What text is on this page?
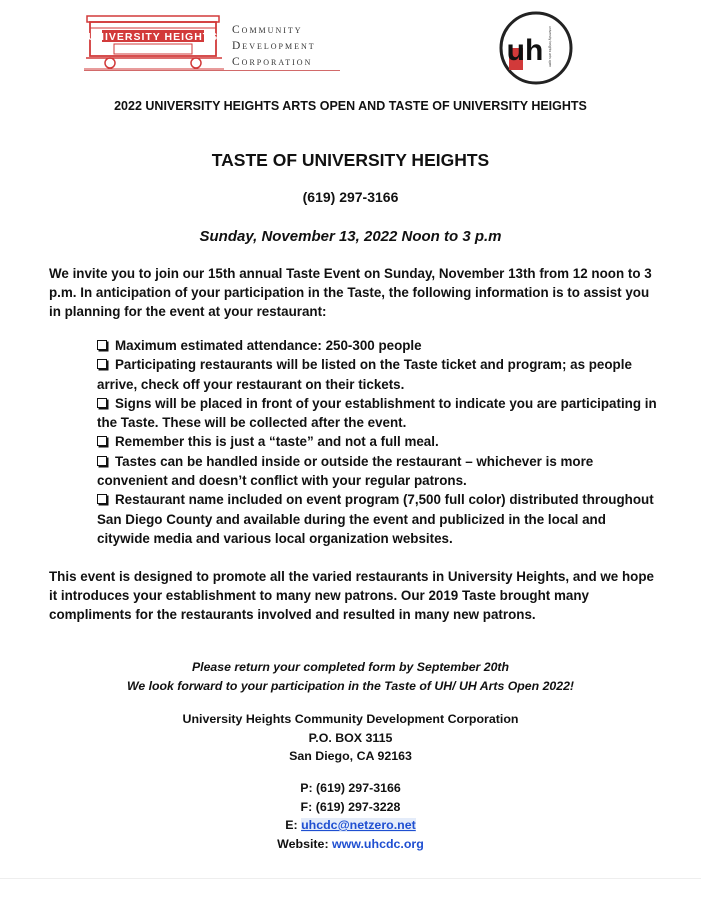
UNIVERSITY HEIGHTS
Community
Development
Corporation	uh university heights arts open
2022 UNIVERSITY HEIGHTS ARTS OPEN AND TASTE OF UNIVERSITY HEIGHTS
TASTE OF UNIVERSITY HEIGHTS
(619) 297-3166
Sunday, November 13, 2022 Noon to 3 p.m
We invite you to join our 15th annual Taste Event on Sunday, November 13th from 12 noon to 3 p.m. In anticipation of your participation in the Taste, the following information is to assist you in planning for the event at your restaurant:
Maximum estimated attendance: 250-300 people
Participating restaurants will be listed on the Taste ticket and program; as people arrive, check off your restaurant on their tickets.
Signs will be placed in front of your establishment to indicate you are participating in the Taste. These will be collected after the event.
Remember this is just a “taste” and not a full meal.
Tastes can be handled inside or outside the restaurant – whichever is more convenient and doesn’t conflict with your regular patrons.
Restaurant name included on event program (7,500 full color) distributed throughout San Diego County and available during the event and publicized in the local and citywide media and various local organization websites.
This event is designed to promote all the varied restaurants in University Heights, and we hope it introduces your establishment to many new patrons. Our 2019 Taste brought many compliments for the restaurants involved and resulted in many new patrons.
Please return your completed form by September 20th
We look forward to your participation in the Taste of UH/ UH Arts Open 2022!
University Heights Community Development Corporation
P.O. BOX 3115
San Diego, CA 92163
P: (619) 297-3166
F: (619) 297-3228
E: uhcdc@netzero.net
Website: www.uhcdc.org
